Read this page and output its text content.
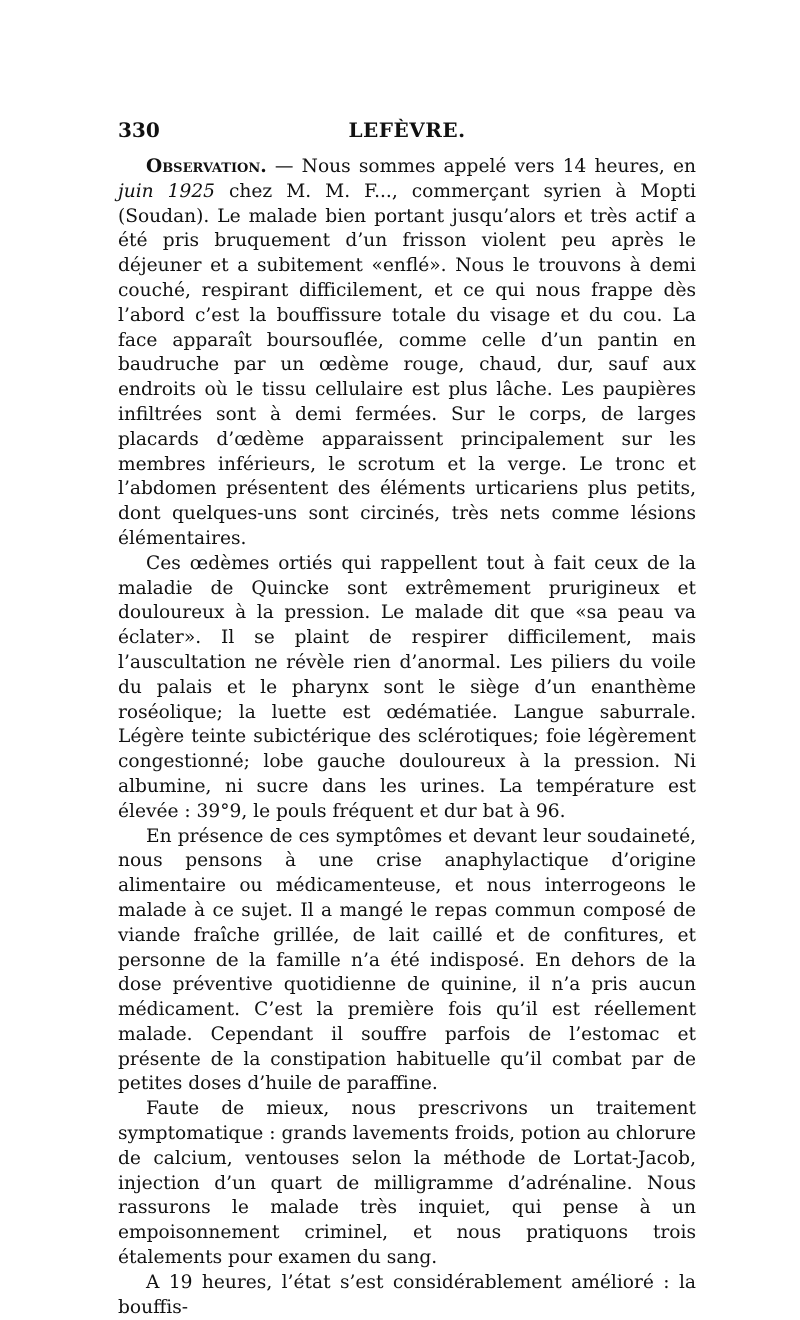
330	LEFÈVRE.

Observation. — Nous sommes appelé vers 14 heures, en juin 1925 chez M. M. F..., commerçant syrien à Mopti (Soudan). Le malade bien portant jusqu’alors et très actif a été pris bruquement d’un frisson violent peu après le déjeuner et a subitement «enflé». Nous le trouvons à demi couché, respirant difficilement, et ce qui nous frappe dès l’abord c’est la bouffissure totale du visage et du cou. La face apparaît boursouflée, comme celle d’un pantin en baudruche par un œdème rouge, chaud, dur, sauf aux endroits où le tissu cellulaire est plus lâche. Les paupières infiltrées sont à demi fermées. Sur le corps, de larges placards d’œdème apparaissent principalement sur les membres inférieurs, le scrotum et la verge. Le tronc et l’abdomen présentent des éléments urticariens plus petits, dont quelques-uns sont circinés, très nets comme lésions élémentaires.

Ces œdèmes ortiés qui rappellent tout à fait ceux de la maladie de Quincke sont extrêmement prurigineux et douloureux à la pression. Le malade dit que «sa peau va éclater». Il se plaint de respirer difficilement, mais l’auscultation ne révèle rien d’anormal. Les piliers du voile du palais et le pharynx sont le siège d’un enanthème roséolique; la luette est œdématiée. Langue saburrale. Légère teinte subictérique des sclérotiques; foie légèrement congestionné; lobe gauche douloureux à la pression. Ni albumine, ni sucre dans les urines. La température est élevée : 39°9, le pouls fréquent et dur bat à 96.

En présence de ces symptômes et devant leur soudaineté, nous pensons à une crise anaphylactique d’origine alimentaire ou médicamenteuse, et nous interrogeons le malade à ce sujet. Il a mangé le repas commun composé de viande fraîche grillée, de lait caillé et de confitures, et personne de la famille n’a été indisposé. En dehors de la dose préventive quotidienne de quinine, il n’a pris aucun médicament. C’est la première fois qu’il est réellement malade. Cependant il souffre parfois de l’estomac et présente de la constipation habituelle qu’il combat par de petites doses d’huile de paraffine.

Faute de mieux, nous prescrivons un traitement symptomatique : grands lavements froids, potion au chlorure de calcium, ventouses selon la méthode de Lortat-Jacob, injection d’un quart de milligramme d’adrénaline. Nous rassurons le malade très inquiet, qui pense à un empoisonnement criminel, et nous pratiquons trois étalements pour examen du sang.

A 19 heures, l’état s’est considérablement amélioré : la bouffis-
